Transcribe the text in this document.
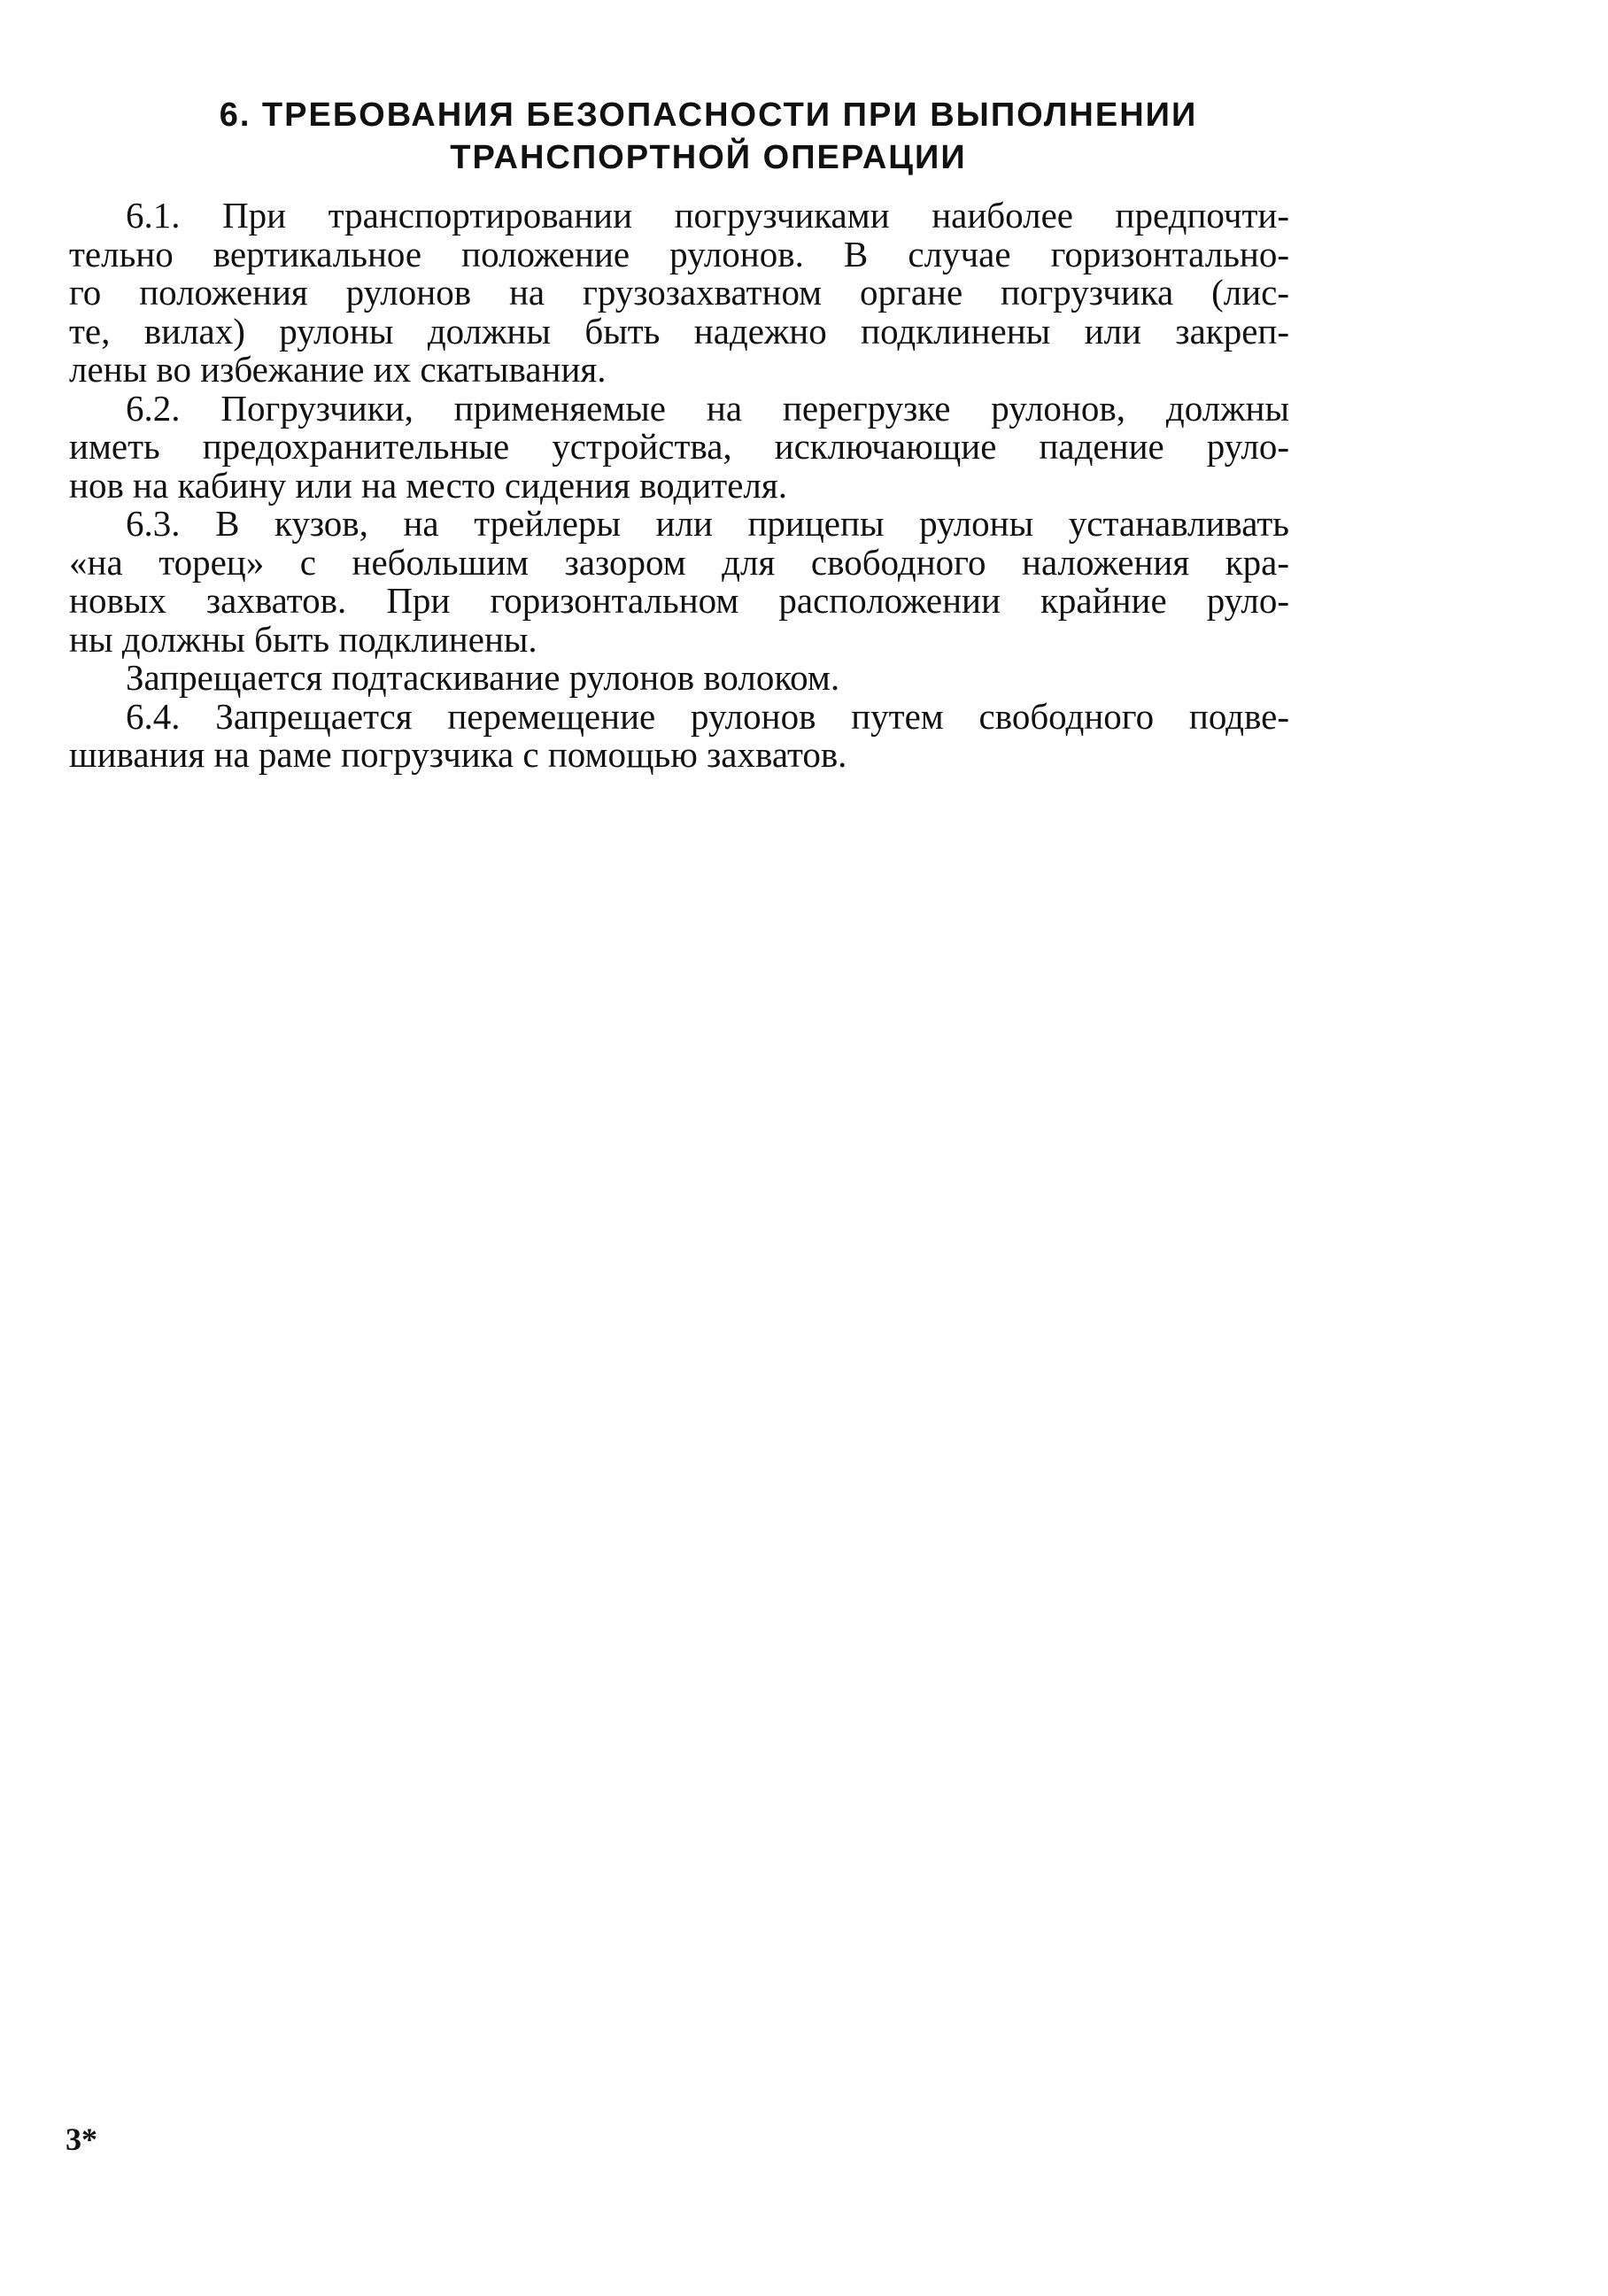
6. ТРЕБОВАНИЯ БЕЗОПАСНОСТИ ПРИ ВЫПОЛНЕНИИ
ТРАНСПОРТНОЙ ОПЕРАЦИИ

6.1. При транспортировании погрузчиками наиболее предпочти-
тельно вертикальное положение рулонов. В случае горизонтально-
го положения рулонов на грузозахватном органе погрузчика (лис-
те, вилах) рулоны должны быть надежно подклинены или закреп-
лены во избежание их скатывания.

6.2. Погрузчики, применяемые на перегрузке рулонов, должны
иметь предохранительные устройства, исключающие падение руло-
нов на кабину или на место сидения водителя.

6.3. В кузов, на трейлеры или прицепы рулоны устанавливать
«на торец» с небольшим зазором для свободного наложения кра-
новых захватов. При горизонтальном расположении крайние руло-
ны должны быть подклинены.

Запрещается подтаскивание рулонов волоком.

6.4. Запрещается перемещение рулонов путем свободного подве-
шивания на раме погрузчика с помощью захватов.

3*
